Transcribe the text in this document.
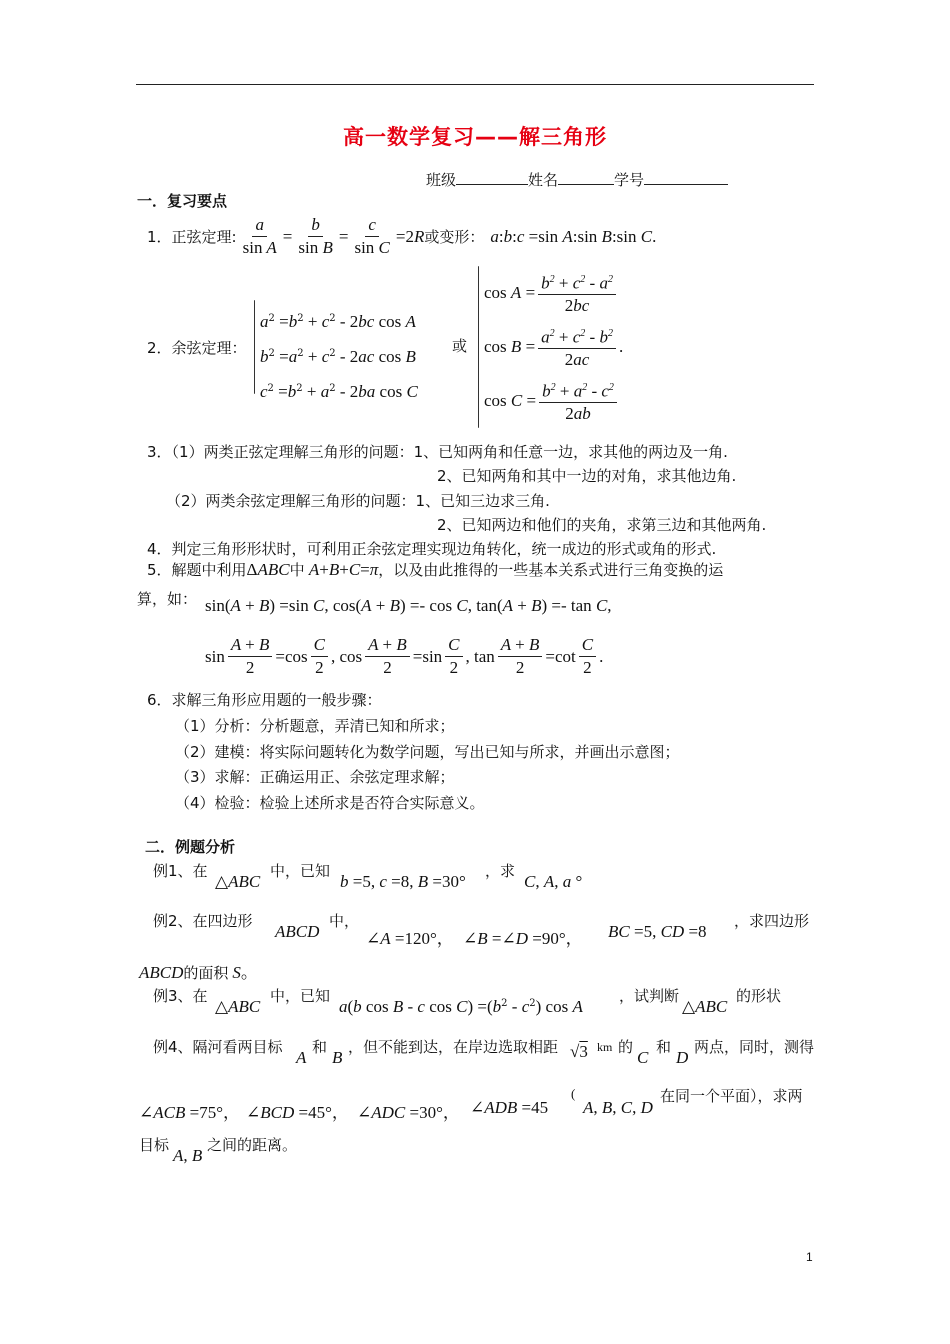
高一数学复习——解三角形
班级	姓名	学号
一．复习要点
1．正弦定理: $\frac{a}{\text{sin A}} = \frac{b}{\text{sin B}} = \frac{c}{\text{sin C}} =2$ R 或变形： a : b : c =sin A :sin B :sin C .
2．余弦定理：
$a^2 =b^2 + c^2 - 2bc$ cos A
$b^2 =a^2 + c^2 - 2ac$ cos B
$c^2 =b^2 + a^2 - 2ba$ cos C
或
$\cos A = \frac{b^2 + c^2 - a^2}{2bc}$
$\cos B = \frac{a^2 + c^2 - b^2}{2ac}$ .
$\cos C = \frac{b^2 + a^2 - c^2}{2ab}$
3．（1）两类正弦定理解三角形的问题：1、已知两角和任意一边，求其他的两边及一角.
2、已知两角和其中一边的对角，求其他边角.
（2）两类余弦定理解三角形的问题：1、已知三边求三角.
2、已知两边和他们的夹角，求第三边和其他两角.
4．判定三角形形状时，可利用正余弦定理实现边角转化，统一成边的形式或角的形式.
5．解题中利用 Δ ABC 中 A + B + C = π ，以及由此推得的一些基本关系式进行三角变换的运
算，如： sin(A + B) =sin C, cos(A + B) =- cos C, tan(A + B) =- tan C,
$\sin \frac{A + B}{2} =\cos \frac{C}{2}$ , $\cos \frac{A + B}{2} =\sin \frac{C}{2}$ , $\tan \frac{A + B}{2} =\cot \frac{C}{2}$ .
6．求解三角形应用题的一般步骤：
（1）分析：分析题意，弄清已知和所求；
（2）建模：将实际问题转化为数学问题，写出已知与所求，并画出示意图；
（3）求解：正确运用正、余弦定理求解；
（4）检验：检验上述所求是否符合实际意义。
二．例题分析
例1、在
△ABC
中，已知
b =5, c =8, B =30°
，求
C, A, a °
例2、在四边形
ABCD
中，
∠A =120°， ∠B =∠D =90°， BC =5, CD =8
，求四边形
ABCD 的面积 S 。
例3、在
△ABC
中，已知
a(b cos B - c $\cos C) =(b^2 - c^2)$ cos A
，试判断
△ABC
的形状
例4、隔河看两目标
A
和
B
，但不能到达，在岸边选取相距 √3 km 的
C
和
D
两点，同时，测得
∠ACB =75°， ∠BCD =45°， ∠ADC =30°， ∠ADB =45
(
A, B, C, D
在同一个平面），求两
目标
A, B
之间的距离。
1
